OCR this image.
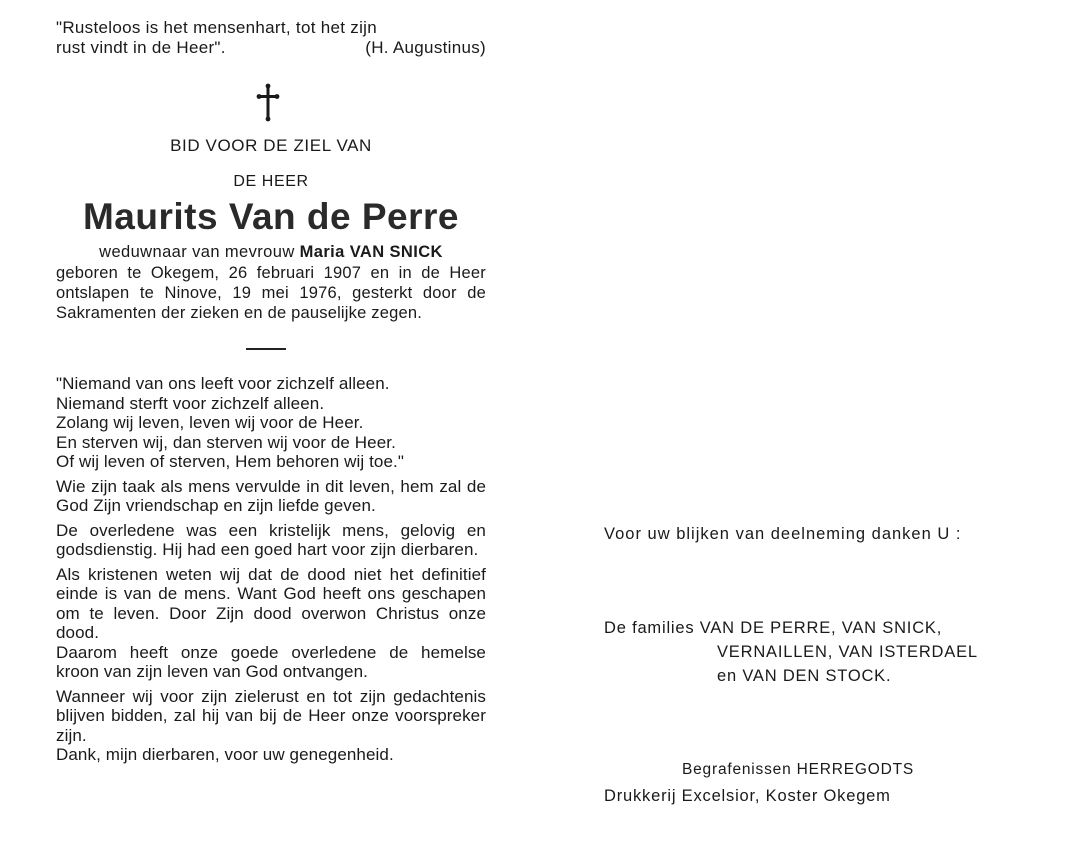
"Rusteloos is het mensenhart, tot het zijn
rust vindt in de Heer".	(H. Augustinus)
BID VOOR DE ZIEL VAN
DE HEER
Maurits Van de Perre
weduwnaar van mevrouw Maria VAN SNICK
geboren te Okegem, 26 februari 1907 en in de Heer ontslapen te Ninove, 19 mei 1976, gesterkt door de Sakramenten der zieken en de pauselijke zegen.

"Niemand van ons leeft voor zichzelf alleen.

Niemand sterft voor zichzelf alleen.

Zolang wij leven, leven wij voor de Heer.

En sterven wij, dan sterven wij voor de Heer.

Of wij leven of sterven, Hem behoren wij toe."

Wie zijn taak als mens vervulde in dit leven, hem zal de God Zijn vriendschap en zijn liefde geven.

De overledene was een kristelijk mens, gelovig en godsdienstig. Hij had een goed hart voor zijn dierbaren.

Als kristenen weten wij dat de dood niet het definitief einde is van de mens. Want God heeft ons geschapen om te leven. Door Zijn dood overwon Christus onze dood.

Daarom heeft onze goede overledene de hemelse kroon van zijn leven van God ontvangen.

Wanneer wij voor zijn zielerust en tot zijn gedachtenis blijven bidden, zal hij van bij de Heer onze voorspreker zijn.

Dank, mijn dierbaren, voor uw genegenheid.

Voor uw blijken van deelneming danken U :
De families VAN DE PERRE, VAN SNICK,
VERNAILLEN, VAN ISTERDAEL
en VAN DEN STOCK.
Begrafenissen HERREGODTS
Drukkerij Excelsior, Koster Okegem
